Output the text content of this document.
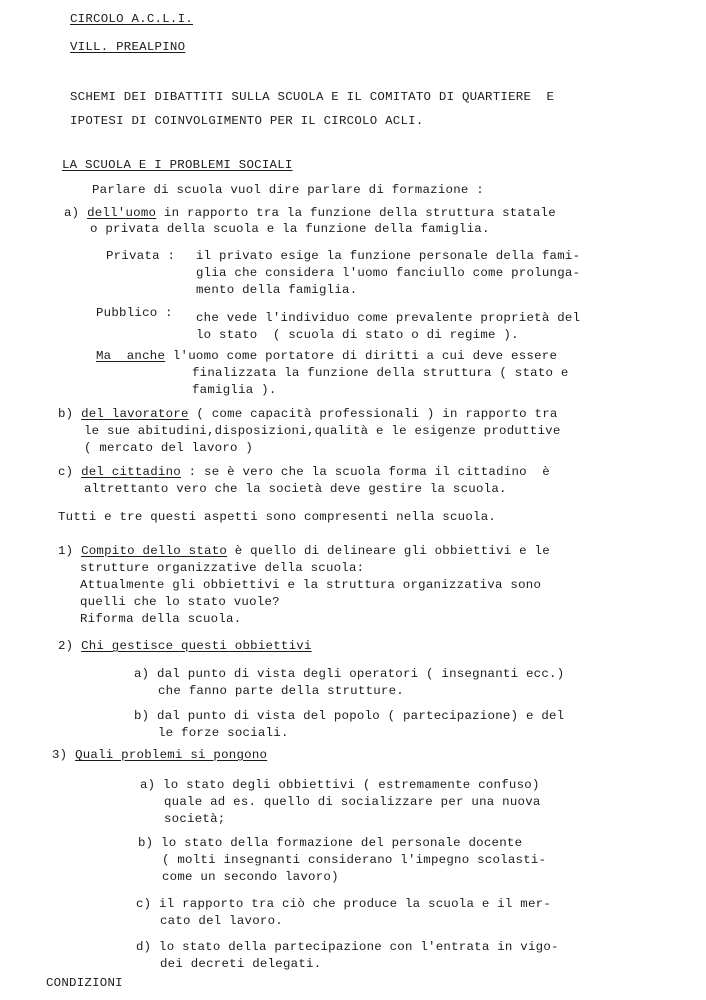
CIRCOLO A.C.L.I.
VILL. PREALPINO
SCHEMI DEI DIBATTITI SULLA SCUOLA E IL COMITATO DI QUARTIERE  E
IPOTESI DI COINVOLGIMENTO PER IL CIRCOLO ACLI.
LA SCUOLA E I PROBLEMI SOCIALI
Parlare di scuola vuol dire parlare di formazione :
a) dell'uomo in rapporto tra la funzione della struttura statale
o privata della scuola e la funzione della famiglia.
Privata : il privato esige la funzione personale della fami-
glia che considera l'uomo fanciullo come prolunga-
mento della famiglia.
Pubblico : che vede l'individuo come prevalente proprietà del
lo stato  ( scuola di stato o di regime ).
Ma  anche l'uomo come portatore di diritti a cui deve essere
finalizzata la funzione della struttura ( stato e
famiglia ).
b) del lavoratore ( come capacità professionali ) in rapporto tra
le sue abitudini,disposizioni,qualità e le esigenze produttive
( mercato del lavoro )
c) del cittadino : se è vero che la scuola forma il cittadino  è
altrettanto vero che la società deve gestire la scuola.
Tutti e tre questi aspetti sono compresenti nella scuola.
1) Compito dello stato è quello di delineare gli obbiettivi e le
strutture organizzative della scuola:
Attualmente gli obbiettivi e la struttura organizzativa sono
quelli che lo stato vuole?
Riforma della scuola.
2) Chi gestisce questi obbiettivi
a) dal punto di vista degli operatori ( insegnanti ecc.)
che fanno parte della strutture.
b) dal punto di vista del popolo ( partecipazione) e del
le forze sociali.
3) Quali problemi si pongono
a) lo stato degli obbiettivi ( estremamente confuso)
quale ad es. quello di socializzare per una nuova
società;
b) lo stato della formazione del personale docente
( molti insegnanti considerano l'impegno scolasti-
come un secondo lavoro)
c) il rapporto tra ciò che produce la scuola e il mer-
cato del lavoro.
d) lo stato della partecipazione con l'entrata in vigo-
dei decreti delegati.
CONDIZIONI
